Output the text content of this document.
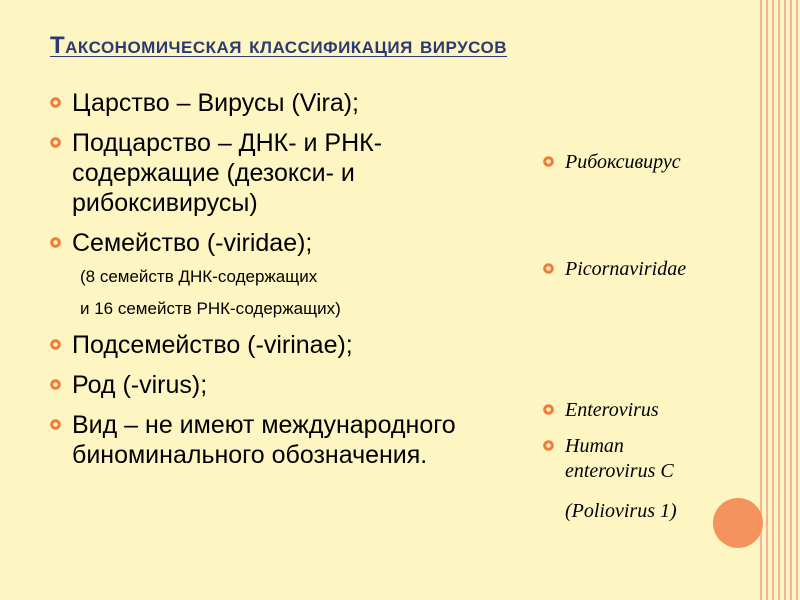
Таксономическая классификация вирусов
Царство – Вирусы (Vira);
Подцарство – ДНК- и РНК-содержащие (дезокси- и рибоксивирусы)
Семейство (-viridae);
(8 семейств ДНК-содержащих
и 16 семейств РНК-содержащих)
Подсемейство (-virinae);
Род (-virus);
Вид – не имеют международного биноминального обозначения.
Рибоксивирус
Picornaviridae
Enterovirus
Human enterovirus C
(Poliovirus 1)
